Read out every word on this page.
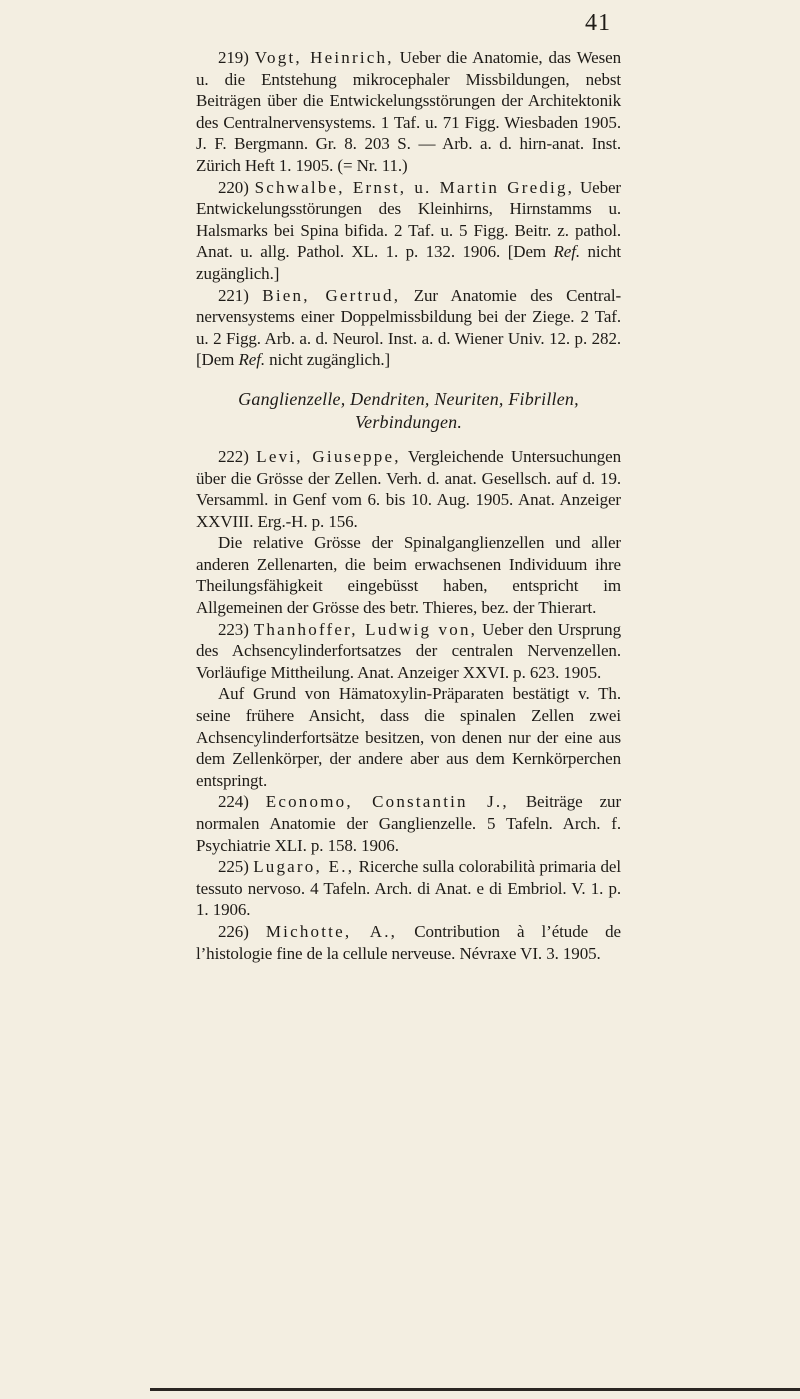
41

219) Vogt, Heinrich, Ueber die Anatomie, das Wesen u. die Entstehung mikrocephaler Missbildungen, nebst Beiträgen über die Entwickelungsstörungen der Architektonik des Centralnervensystems. 1 Taf. u. 71 Figg. Wiesbaden 1905. J. F. Bergmann. Gr. 8. 203 S. — Arb. a. d. hirn-anat. Inst. Zürich Heft 1. 1905. (= Nr. 11.)

220) Schwalbe, Ernst, u. Martin Gredig, Ueber Entwickelungsstörungen des Kleinhirns, Hirnstamms u. Halsmarks bei Spina bifida. 2 Taf. u. 5 Figg. Beitr. z. pathol. Anat. u. allg. Pathol. XL. 1. p. 132. 1906. [Dem Ref. nicht zugänglich.]

221) Bien, Gertrud, Zur Anatomie des Central-nervensystems einer Doppelmissbildung bei der Ziege. 2 Taf. u. 2 Figg. Arb. a. d. Neurol. Inst. a. d. Wiener Univ. 12. p. 282. [Dem Ref. nicht zugänglich.]

Ganglienzelle, Dendriten, Neuriten, Fibrillen,
Verbindungen.

222) Levi, Giuseppe, Vergleichende Untersuchungen über die Grösse der Zellen. Verh. d. anat. Gesellsch. auf d. 19. Versamml. in Genf vom 6. bis 10. Aug. 1905. Anat. Anzeiger XXVIII. Erg.-H. p. 156.

Die relative Grösse der Spinalganglienzellen und aller anderen Zellenarten, die beim erwachsenen Individuum ihre Theilungsfähigkeit eingebüsst haben, entspricht im Allgemeinen der Grösse des betr. Thieres, bez. der Thierart.

223) Thanhoffer, Ludwig von, Ueber den Ursprung des Achsencylinderfortsatzes der centralen Nervenzellen. Vorläufige Mittheilung. Anat. Anzeiger XXVI. p. 623. 1905.

Auf Grund von Hämatoxylin-Präparaten bestätigt v. Th. seine frühere Ansicht, dass die spinalen Zellen zwei Achsencylinderfortsätze besitzen, von denen nur der eine aus dem Zellenkörper, der andere aber aus dem Kernkörperchen entspringt.

224) Economo, Constantin J., Beiträge zur normalen Anatomie der Ganglienzelle. 5 Tafeln. Arch. f. Psychiatrie XLI. p. 158. 1906.

225) Lugaro, E., Ricerche sulla colorabilità primaria del tessuto nervoso. 4 Tafeln. Arch. di Anat. e di Embriol. V. 1. p. 1. 1906.

226) Michotte, A., Contribution à l’étude de l’histologie fine de la cellule nerveuse. Névraxe VI. 3. 1905.
